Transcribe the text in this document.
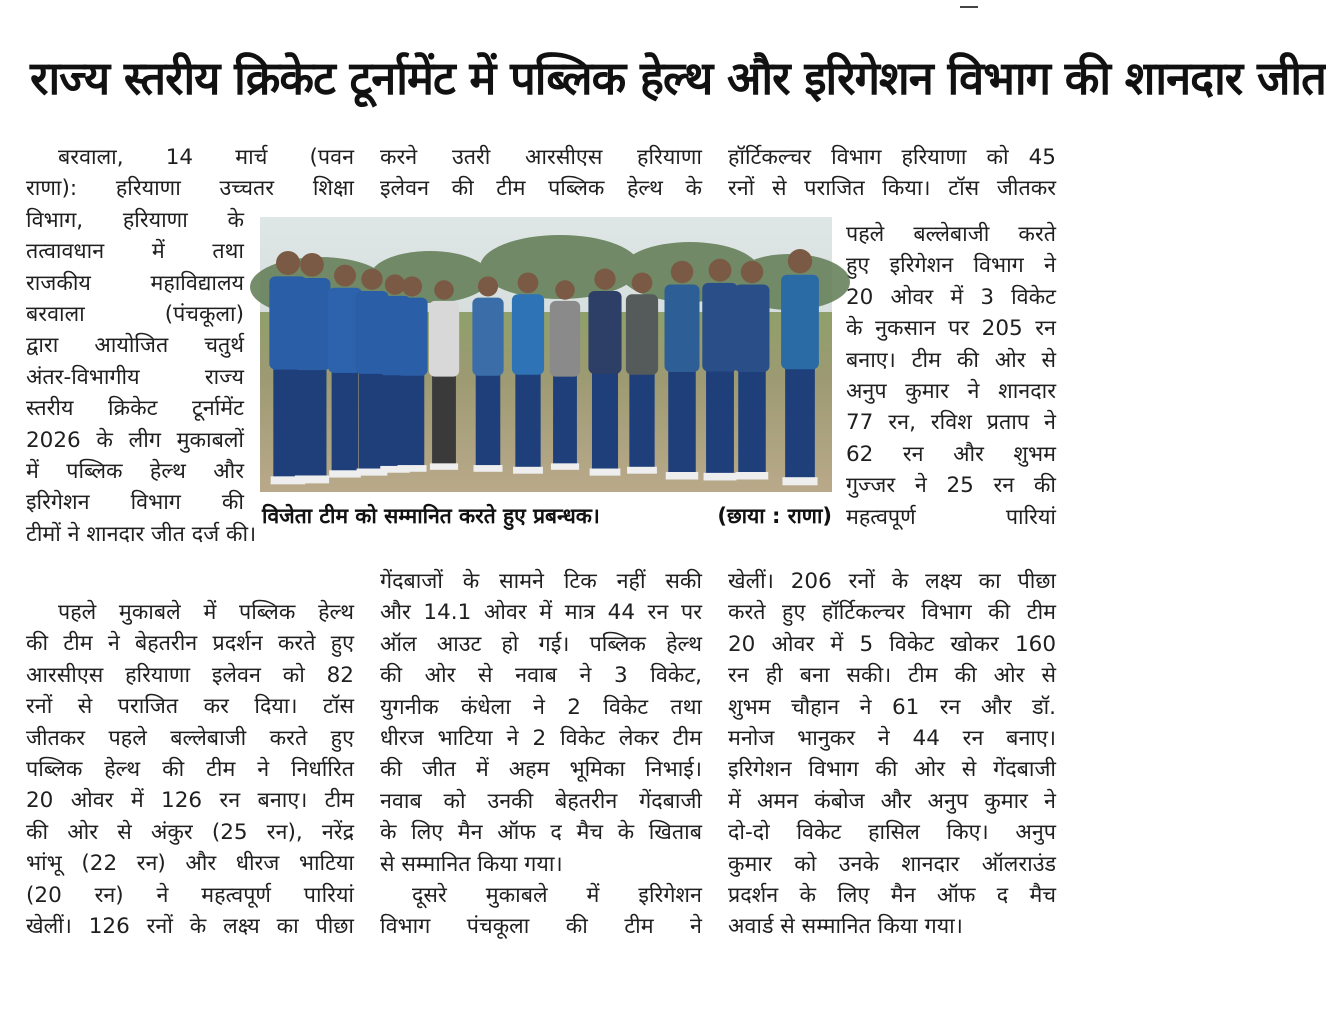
राज्य स्तरीय क्रिकेट टूर्नामेंट में पब्लिक हेल्थ और इरिगेशन विभाग की शानदार जीत
बरवाला, 14 मार्च (पवन
राणा): हरियाणा उच्चतर शिक्षा
विभाग, हरियाणा के
तत्वावधान में तथा
राजकीय महाविद्यालय
बरवाला (पंचकूला)
द्वारा आयोजित चतुर्थ
अंतर-विभागीय राज्य
स्तरीय क्रिकेट टूर्नामेंट
2026 के लीग मुकाबलों
में पब्लिक हेल्थ और
इरिगेशन विभाग की
टीमों ने शानदार जीत दर्ज की।
पहले मुकाबले में पब्लिक हेल्थ
की टीम ने बेहतरीन प्रदर्शन करते हुए
आरसीएस हरियाणा इलेवन को 82
रनों से पराजित कर दिया। टॉस
जीतकर पहले बल्लेबाजी करते हुए
पब्लिक हेल्थ की टीम ने निर्धारित
20 ओवर में 126 रन बनाए। टीम
की ओर से अंकुर (25 रन), नरेंद्र
भांभू (22 रन) और धीरज भाटिया
(20 रन) ने महत्वपूर्ण पारियां
खेलीं। 126 रनों के लक्ष्य का पीछा
करने उतरी आरसीएस हरियाणा
इलेवन की टीम पब्लिक हेल्थ के
गेंदबाजों के सामने टिक नहीं सकी
और 14.1 ओवर में मात्र 44 रन पर
ऑल आउट हो गई। पब्लिक हेल्थ
की ओर से नवाब ने 3 विकेट,
युगनीक कंधेला ने 2 विकेट तथा
धीरज भाटिया ने 2 विकेट लेकर टीम
की जीत में अहम भूमिका निभाई।
नवाब को उनकी बेहतरीन गेंदबाजी
के लिए मैन ऑफ द मैच के खिताब
से सम्मानित किया गया।
दूसरे मुकाबले में इरिगेशन
विभाग पंचकूला की टीम ने
हॉर्टिकल्चर विभाग हरियाणा को 45
रनों से पराजित किया। टॉस जीतकर
पहले बल्लेबाजी करते
हुए इरिगेशन विभाग ने
20 ओवर में 3 विकेट
के नुकसान पर 205 रन
बनाए। टीम की ओर से
अनुप कुमार ने शानदार
77 रन, रविश प्रताप ने
62 रन और शुभम
गुज्जर ने 25 रन की
महत्वपूर्ण पारियां
खेलीं। 206 रनों के लक्ष्य का पीछा
करते हुए हॉर्टिकल्चर विभाग की टीम
20 ओवर में 5 विकेट खोकर 160
रन ही बना सकी। टीम की ओर से
शुभम चौहान ने 61 रन और डॉ.
मनोज भानुकर ने 44 रन बनाए।
इरिगेशन विभाग की ओर से गेंदबाजी
में अमन कंबोज और अनुप कुमार ने
दो-दो विकेट हासिल किए। अनुप
कुमार को उनके शानदार ऑलराउंड
प्रदर्शन के लिए मैन ऑफ द मैच
अवार्ड से सम्मानित किया गया।
विजेता टीम को सम्मानित करते हुए प्रबन्धक।	(छाया : राणा)
